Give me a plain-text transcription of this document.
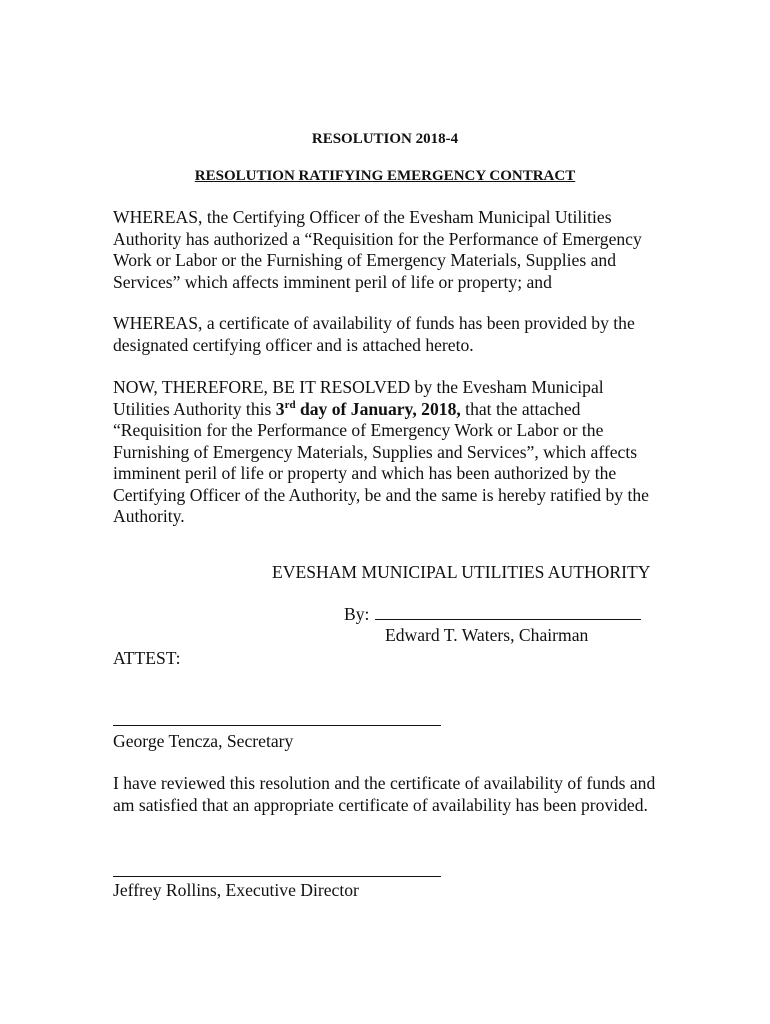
RESOLUTION 2018-4
RESOLUTION RATIFYING EMERGENCY CONTRACT

WHEREAS, the Certifying Officer of the Evesham Municipal Utilities Authority has authorized a “Requisition for the Performance of Emergency Work or Labor or the Furnishing of Emergency Materials, Supplies and Services” which affects imminent peril of life or property; and

WHEREAS, a certificate of availability of funds has been provided by the designated certifying officer and is attached hereto.

NOW, THEREFORE, BE IT RESOLVED by the Evesham Municipal Utilities Authority this 3rd day of January, 2018, that the attached “Requisition for the Performance of Emergency Work or Labor or the Furnishing of Emergency Materials, Supplies and Services”, which affects imminent peril of life or property and which has been authorized by the Certifying Officer of the Authority, be and the same is hereby ratified by the Authority.

EVESHAM MUNICIPAL UTILITIES AUTHORITY
By:
Edward T. Waters, Chairman
ATTEST:
George Tencza, Secretary

I have reviewed this resolution and the certificate of availability of funds and am satisfied that an appropriate certificate of availability has been provided.

Jeffrey Rollins, Executive Director
